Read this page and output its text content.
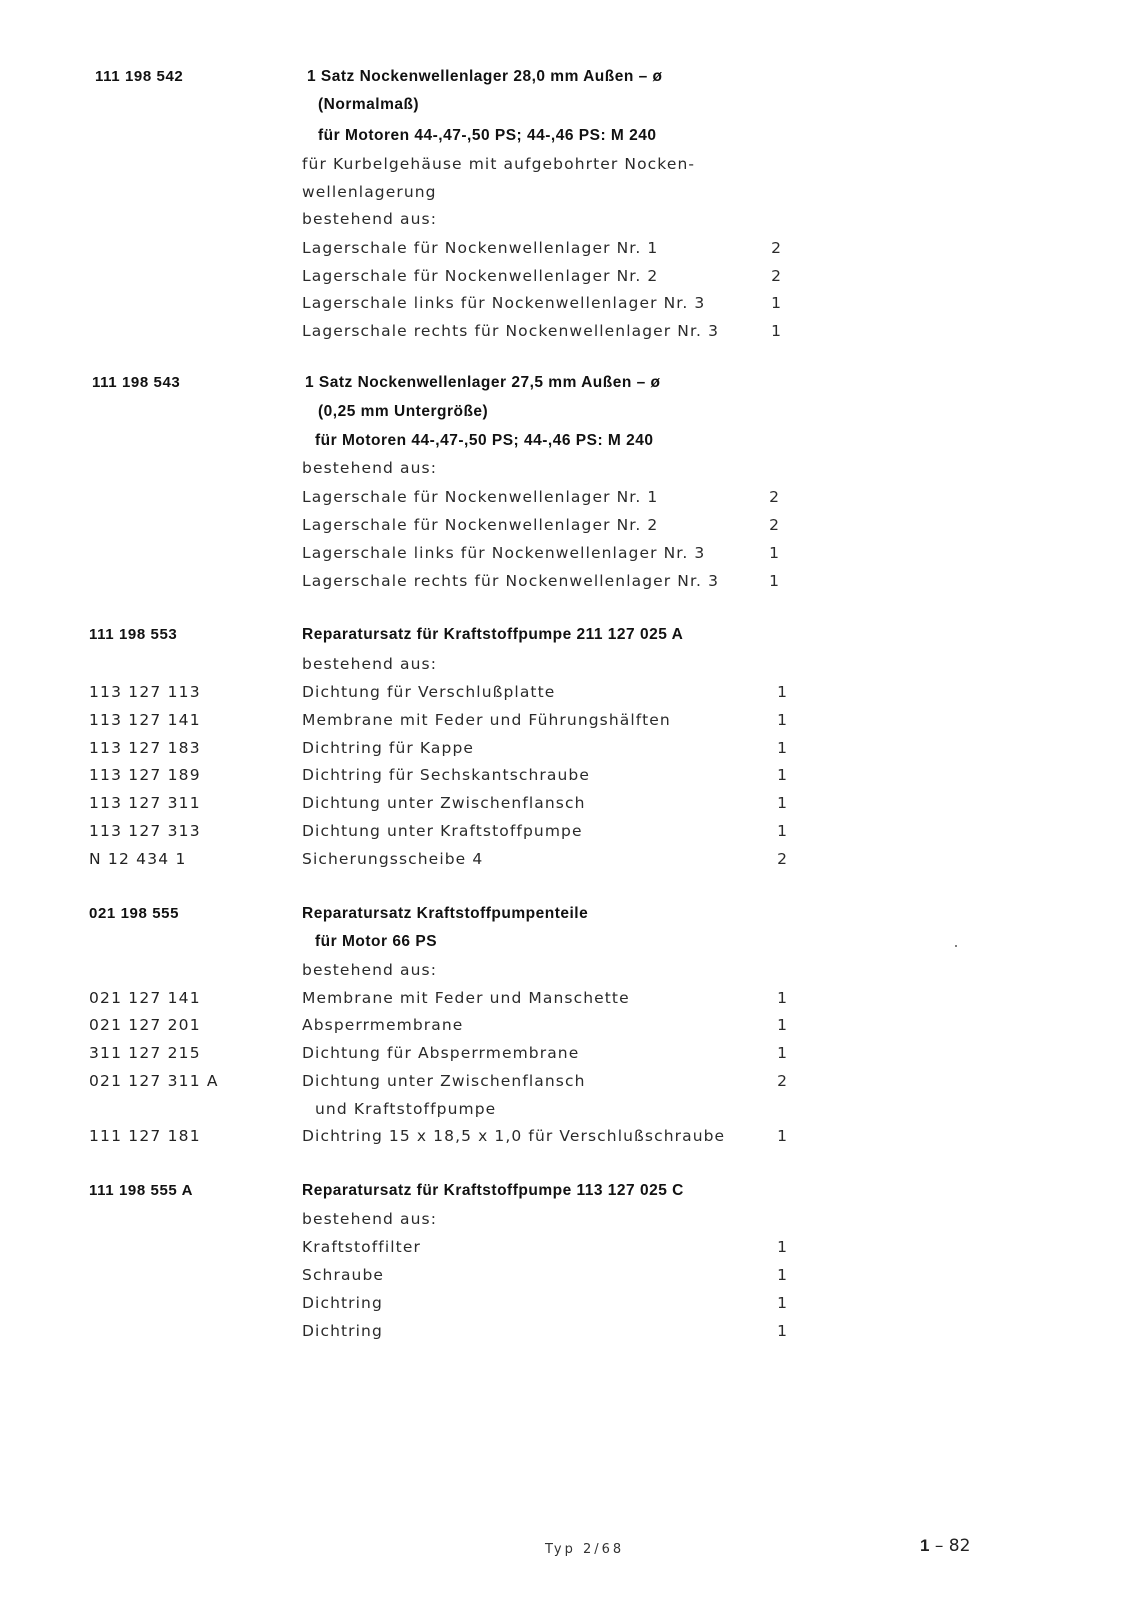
111 198 542	1 Satz Nockenwellenlager 28,0 mm Außen – ø
(Normalmaß)
für Motoren 44-,47-,50 PS; 44-,46 PS: M 240
für Kurbelgehäuse mit aufgebohrter Nocken-
wellenlagerung
bestehend aus:
Lagerschale für Nockenwellenlager Nr. 1	2
Lagerschale für Nockenwellenlager Nr. 2	2
Lagerschale links für Nockenwellenlager Nr. 3	1
Lagerschale rechts für Nockenwellenlager Nr. 3	1
111 198 543	1 Satz Nockenwellenlager 27,5 mm Außen – ø
(0,25 mm Untergröße)
für Motoren 44-,47-,50 PS; 44-,46 PS: M 240
bestehend aus:
Lagerschale für Nockenwellenlager Nr. 1	2
Lagerschale für Nockenwellenlager Nr. 2	2
Lagerschale links für Nockenwellenlager Nr. 3	1
Lagerschale rechts für Nockenwellenlager Nr. 3	1
111 198 553	Reparatursatz für Kraftstoffpumpe 211 127 025 A
bestehend aus:
113 127 113	Dichtung für Verschlußplatte	1
113 127 141	Membrane mit Feder und Führungshälften	1
113 127 183	Dichtring für Kappe	1
113 127 189	Dichtring für Sechskantschraube	1
113 127 311	Dichtung unter Zwischenflansch	1
113 127 313	Dichtung unter Kraftstoffpumpe	1
N 12 434 1	Sicherungsscheibe 4	2
021 198 555	Reparatursatz Kraftstoffpumpenteile
für Motor 66 PS
bestehend aus:
021 127 141	Membrane mit Feder und Manschette	1
021 127 201	Absperrmembrane	1
311 127 215	Dichtung für Absperrmembrane	1
021 127 311 A	Dichtung unter Zwischenflansch	2
und Kraftstoffpumpe
111 127 181	Dichtring 15 x 18,5 x 1,0 für Verschlußschraube	1
111 198 555 A	Reparatursatz für Kraftstoffpumpe 113 127 025 C
bestehend aus:
Kraftstoffilter	1
Schraube	1
Dichtring	1
Dichtring	1
Typ 2/68	1 – 82
